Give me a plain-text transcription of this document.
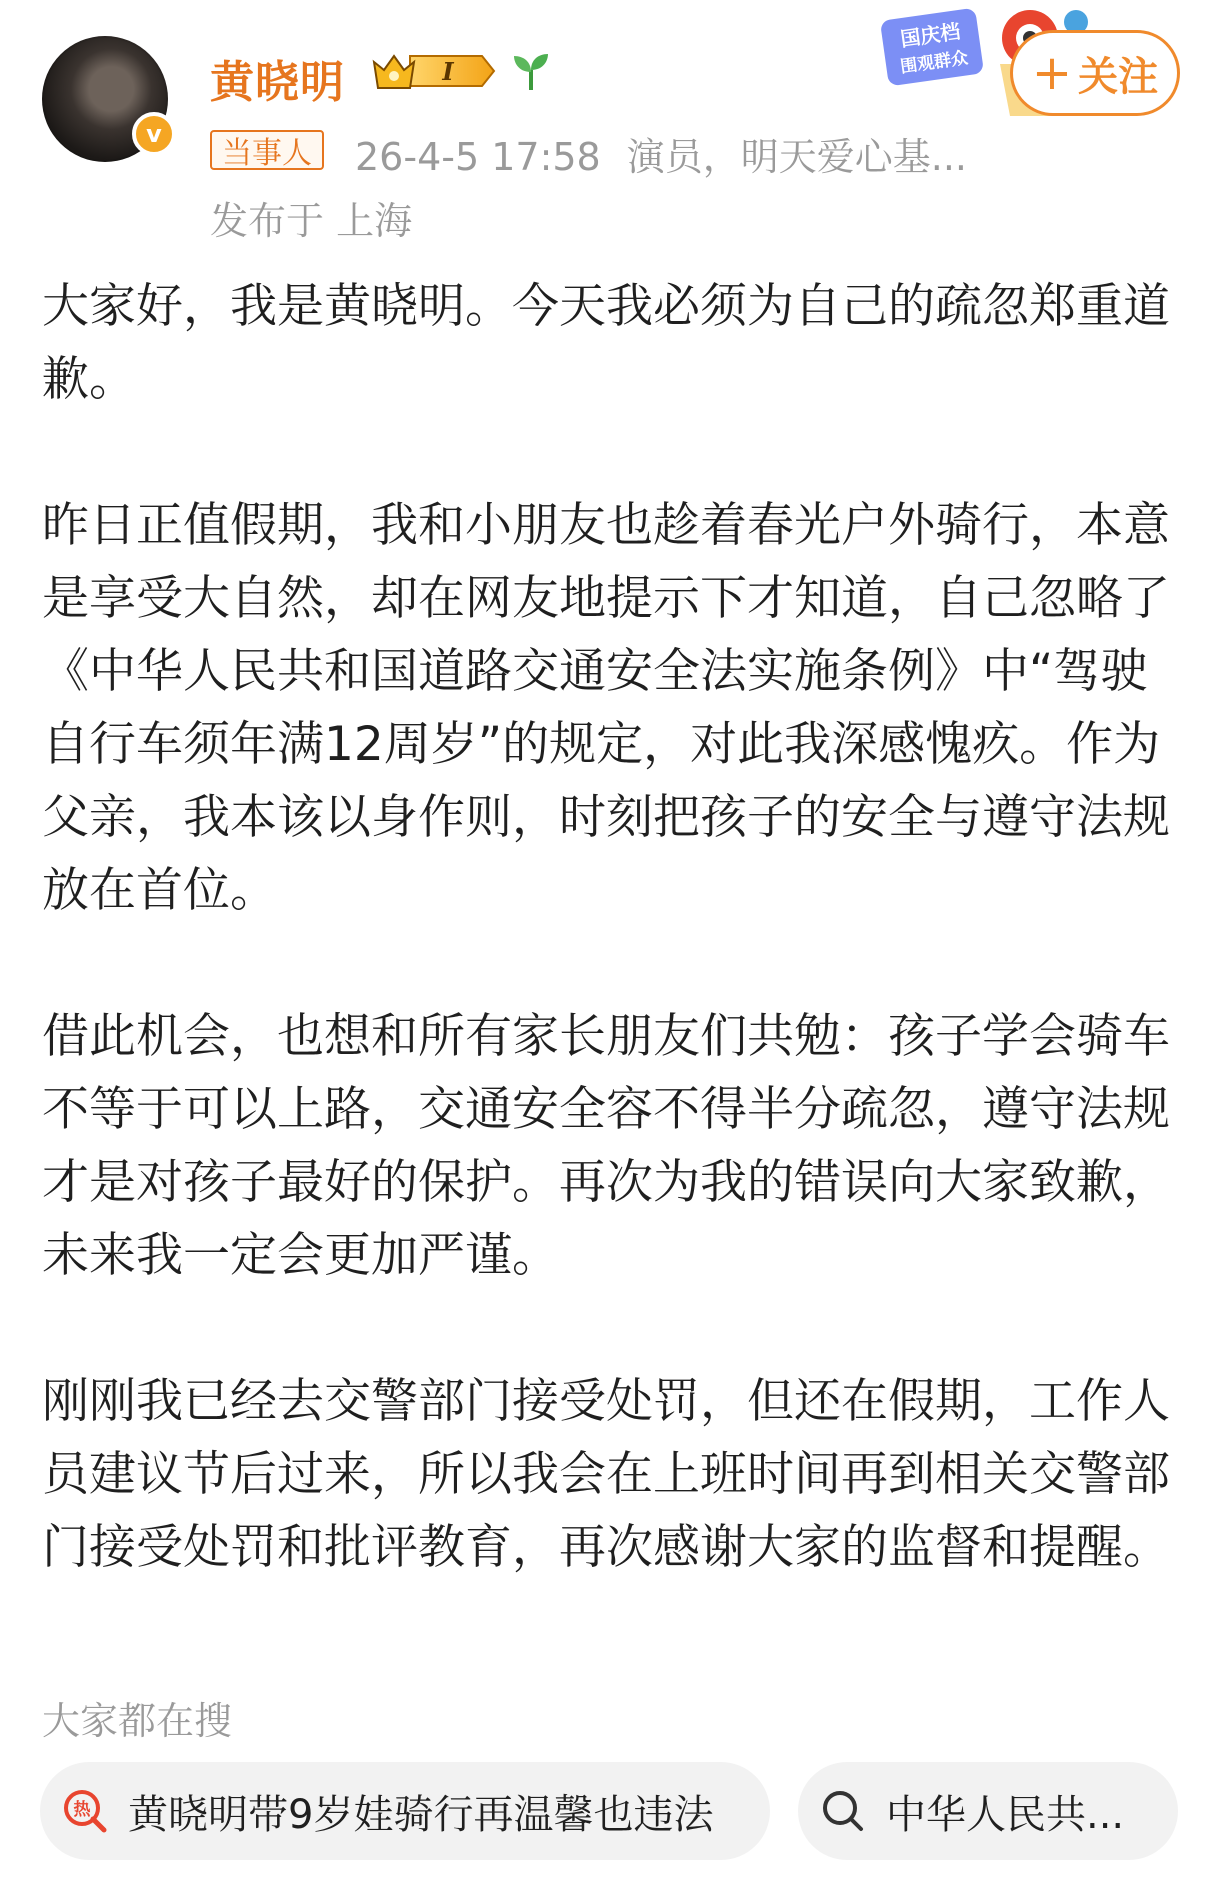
v
黄晓明	I
国庆档
围观群众 + 关注
当事人	26-4-5 17:58 演员，明天爱心基...
发布于 上海

大家好，我是黄晓明。今天我必须为自己的疏忽郑重道歉。

昨日正值假期，我和小朋友也趁着春光户外骑行，本意是享受大自然，却在网友地提示下才知道，自己忽略了《中华人民共和国道路交通安全法实施条例》中“驾驶自行车须年满12周岁”的规定，对此我深感愧疚。作为父亲，我本该以身作则，时刻把孩子的安全与遵守法规放在首位。

借此机会，也想和所有家长朋友们共勉：孩子学会骑车不等于可以上路，交通安全容不得半分疏忽，遵守法规才是对孩子最好的保护。再次为我的错误向大家致歉，未来我一定会更加严谨。

刚刚我已经去交警部门接受处罚，但还在假期，工作人员建议节后过来，所以我会在上班时间再到相关交警部门接受处罚和批评教育，再次感谢大家的监督和提醒。

大家都在搜
热 黄晓明带9岁娃骑行再温馨也违法	中华人民共...
